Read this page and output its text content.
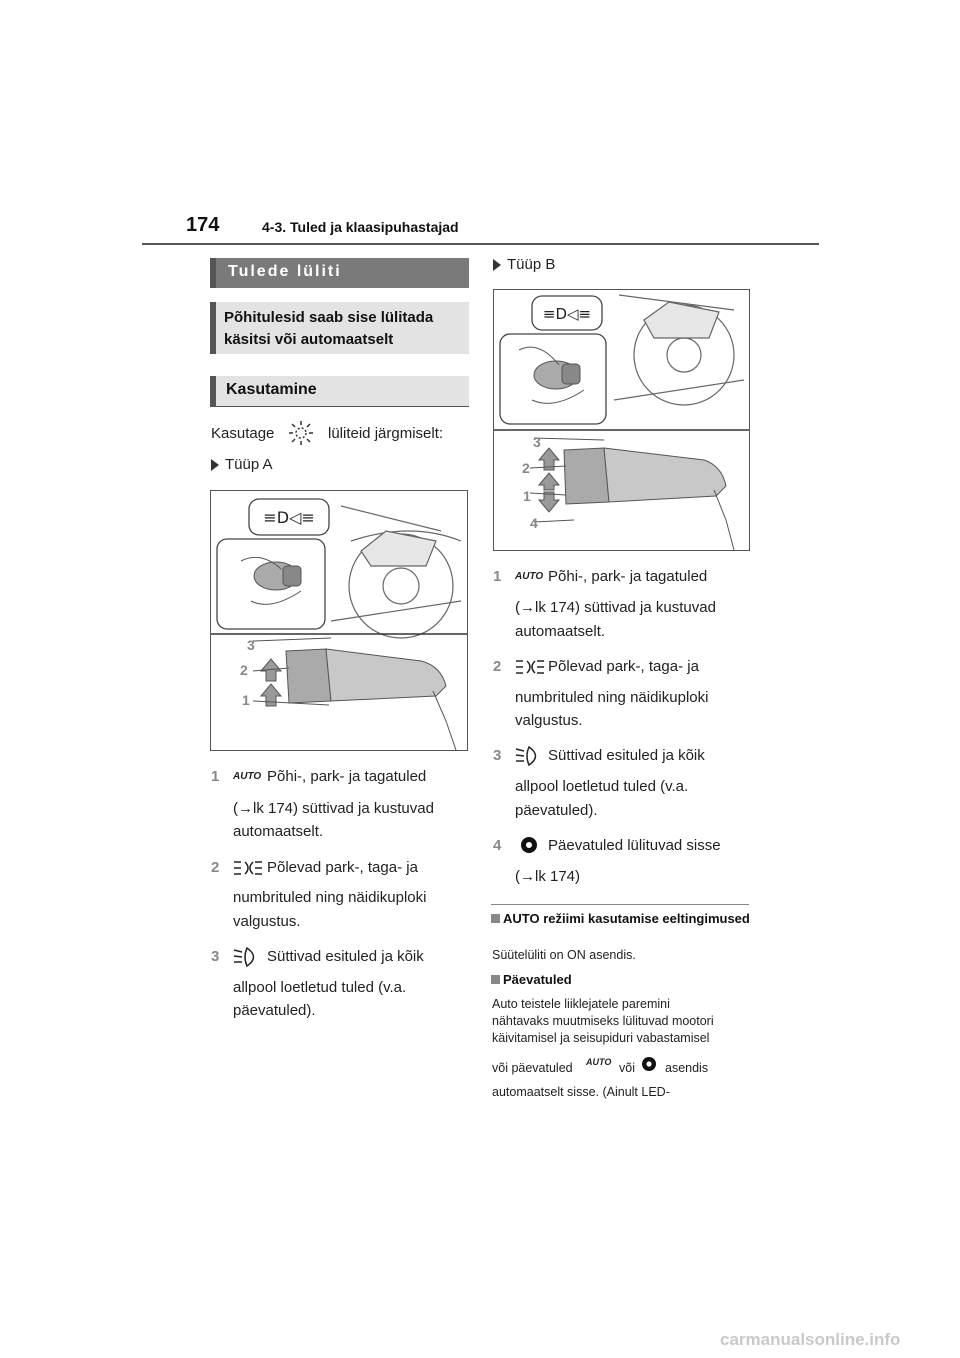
174	4-3. Tuled ja klaasipuhastajad
Tulede lüliti
Põhitulesid saab sise lülitada käsitsi või automaatselt
Kasutamine
Kasutage	lüliteid järgmiselt:
Tüüp A
≡D◁≡
3
2
1
1 AUTO Põhi-, park- ja tagatuled
(→lk 174) süttivad ja kustuvad
automaatselt.
2	Põlevad park-, taga- ja
numbrituled ning näidikuploki
valgustus.
3	Süttivad esituled ja kõik
allpool loetletud tuled (v.a.
päevatuled).
Tüüp B
≡D◁≡
3
2
1
4
1 AUTO Põhi-, park- ja tagatuled
(→lk 174) süttivad ja kustuvad
automaatselt.
2	Põlevad park-, taga- ja
numbrituled ning näidikuploki
valgustus.
3	Süttivad esituled ja kõik
allpool loetletud tuled (v.a.
päevatuled).
4	Päevatuled lülituvad sisse
(→lk 174)
AUTO režiimi kasutamise eeltingimused
Süütelüliti on ON asendis.
Päevatuled
Auto teistele liiklejatele paremini
nähtavaks muutmiseks lülituvad mootori
käivitamisel ja seisupiduri vabastamisel
või päevatuled AUTO või asendis
automaatselt sisse. (Ainult LED-
carmanualsonline.info
